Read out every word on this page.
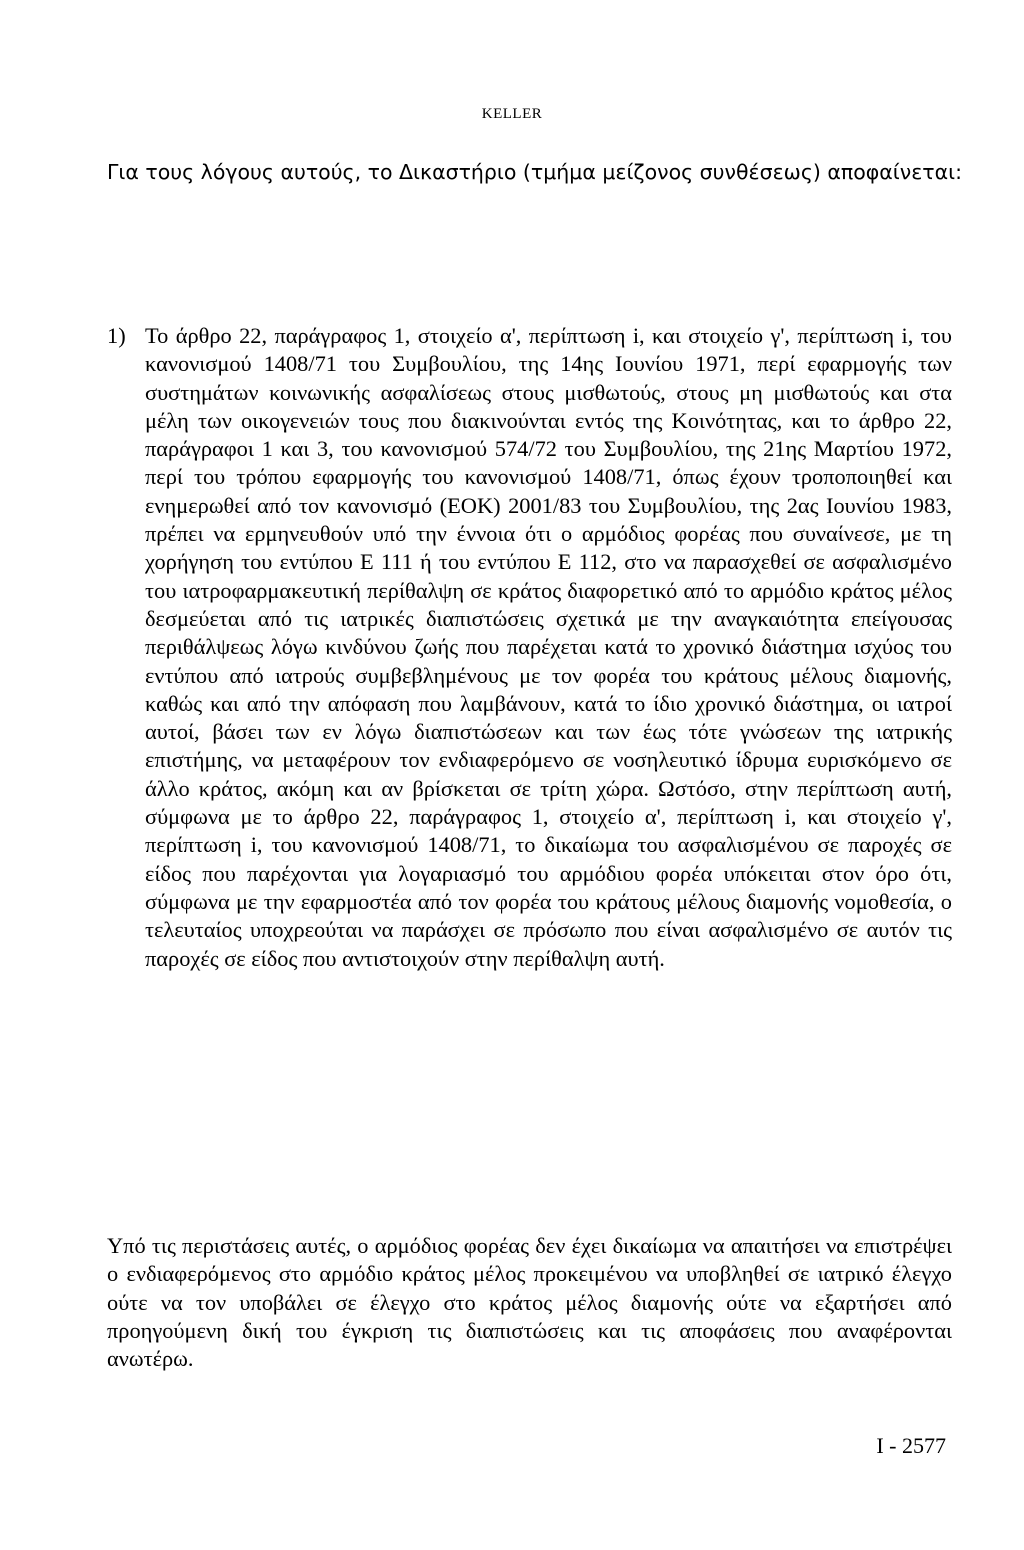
KELLER
Για τους λόγους αυτούς, το Δικαστήριο (τμήμα μείζονος συνθέσεως) αποφαίνεται:
1) Το άρθρο 22, παράγραφος 1, στοιχείο α', περίπτωση i, και στοιχείο γ', περίπτωση i, του κανονισμού 1408/71 του Συμβουλίου, της 14ης Ιουνίου 1971, περί εφαρμογής των συστημάτων κοινωνικής ασφαλίσεως στους μισθωτούς, στους μη μισθωτούς και στα μέλη των οικογενειών τους που διακινούνται εντός της Κοινότητας, και το άρθρο 22, παράγραφοι 1 και 3, του κανονισμού 574/72 του Συμβουλίου, της 21ης Μαρτίου 1972, περί του τρόπου εφαρμογής του κανονισμού 1408/71, όπως έχουν τροποποιηθεί και ενημερωθεί από τον κανονισμό (ΕΟΚ) 2001/83 του Συμβουλίου, της 2ας Ιουνίου 1983, πρέπει να ερμηνευθούν υπό την έννοια ότι ο αρμόδιος φορέας που συναίνεσε, με τη χορήγηση του εντύπου Ε 111 ή του εντύπου Ε 112, στο να παρασχεθεί σε ασφαλισμένο του ιατροφαρμακευτική περίθαλψη σε κράτος διαφορετικό από το αρμόδιο κράτος μέλος δεσμεύεται από τις ιατρικές διαπιστώσεις σχετικά με την αναγκαιότητα επείγουσας περιθάλψεως λόγω κινδύνου ζωής που παρέχεται κατά το χρονικό διάστημα ισχύος του εντύπου από ιατρούς συμβεβλημένους με τον φορέα του κράτους μέλους διαμονής, καθώς και από την απόφαση που λαμβάνουν, κατά το ίδιο χρονικό διάστημα, οι ιατροί αυτοί, βάσει των εν λόγω διαπιστώσεων και των έως τότε γνώσεων της ιατρικής επιστήμης, να μεταφέρουν τον ενδιαφερόμενο σε νοσηλευτικό ίδρυμα ευρισκόμενο σε άλλο κράτος, ακόμη και αν βρίσκεται σε τρίτη χώρα. Ωστόσο, στην περίπτωση αυτή, σύμφωνα με το άρθρο 22, παράγραφος 1, στοιχείο α', περίπτωση i, και στοιχείο γ', περίπτωση i, του κανονισμού 1408/71, το δικαίωμα του ασφαλισμένου σε παροχές σε είδος που παρέχονται για λογαριασμό του αρμόδιου φορέα υπόκειται στον όρο ότι, σύμφωνα με την εφαρμοστέα από τον φορέα του κράτους μέλους διαμονής νομοθεσία, ο τελευταίος υποχρεούται να παράσχει σε πρόσωπο που είναι ασφαλισμένο σε αυτόν τις παροχές σε είδος που αντιστοιχούν στην περίθαλψη αυτή.
Υπό τις περιστάσεις αυτές, ο αρμόδιος φορέας δεν έχει δικαίωμα να απαιτήσει να επιστρέψει ο ενδιαφερόμενος στο αρμόδιο κράτος μέλος προκειμένου να υποβληθεί σε ιατρικό έλεγχο ούτε να τον υποβάλει σε έλεγχο στο κράτος μέλος διαμονής ούτε να εξαρτήσει από προηγούμενη δική του έγκριση τις διαπιστώσεις και τις αποφάσεις που αναφέρονται ανωτέρω.
I - 2577
